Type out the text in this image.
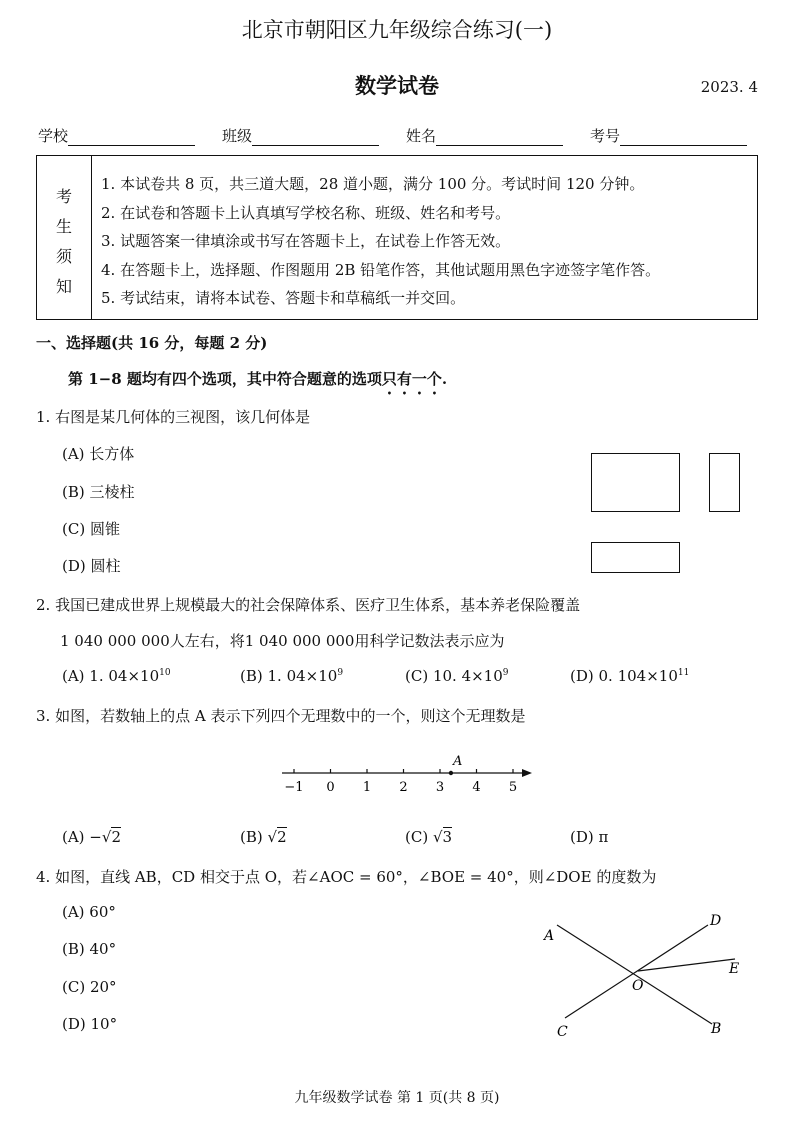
北京市朝阳区九年级综合练习(一)
数学试卷	2023. 4
学校	班级	姓名	考号
考
生
须
知
1. 本试卷共 8 页，共三道大题，28 道小题，满分 100 分。考试时间 120 分钟。
2. 在试卷和答题卡上认真填写学校名称、班级、姓名和考号。
3. 试题答案一律填涂或书写在答题卡上，在试卷上作答无效。
4. 在答题卡上，选择题、作图题用 2B 铅笔作答，其他试题用黑色字迹签字笔作答。
5. 考试结束，请将本试卷、答题卡和草稿纸一并交回。
一、选择题(共 16 分，每题 2 分)
第 1−8 题均有四个选项，其中符合题意的选项只有一个.
1. 右图是某几何体的三视图，该几何体是
(A) 长方体
(B) 三棱柱
(C) 圆锥
(D) 圆柱
2. 我国已建成世界上规模最大的社会保障体系、医疗卫生体系，基本养老保险覆盖
1 040 000 000人左右，将1 040 000 000用科学记数法表示应为
(A) 1. $04\times 10^{10}$	(B) 1. $04\times 10^9$	(C) 10. $4\times 10^9$	(D) 0. $104\times 10^{11}$
3. 如图，若数轴上的点 A 表示下列四个无理数中的一个，则这个无理数是
−1 0 1 2 3 4 5
A
(A) −√2	(B) √2	(C) √3	(D) π
4. 如图，直线 AB，CD 相交于点 O，若∠AOC = 60°，∠BOE = 40°，则∠DOE 的度数为
(A) 60°
(B) 40°
(C) 20°
(D) 10°
A
B
C
D
E
O
九年级数学试卷 第 1 页(共 8 页)
